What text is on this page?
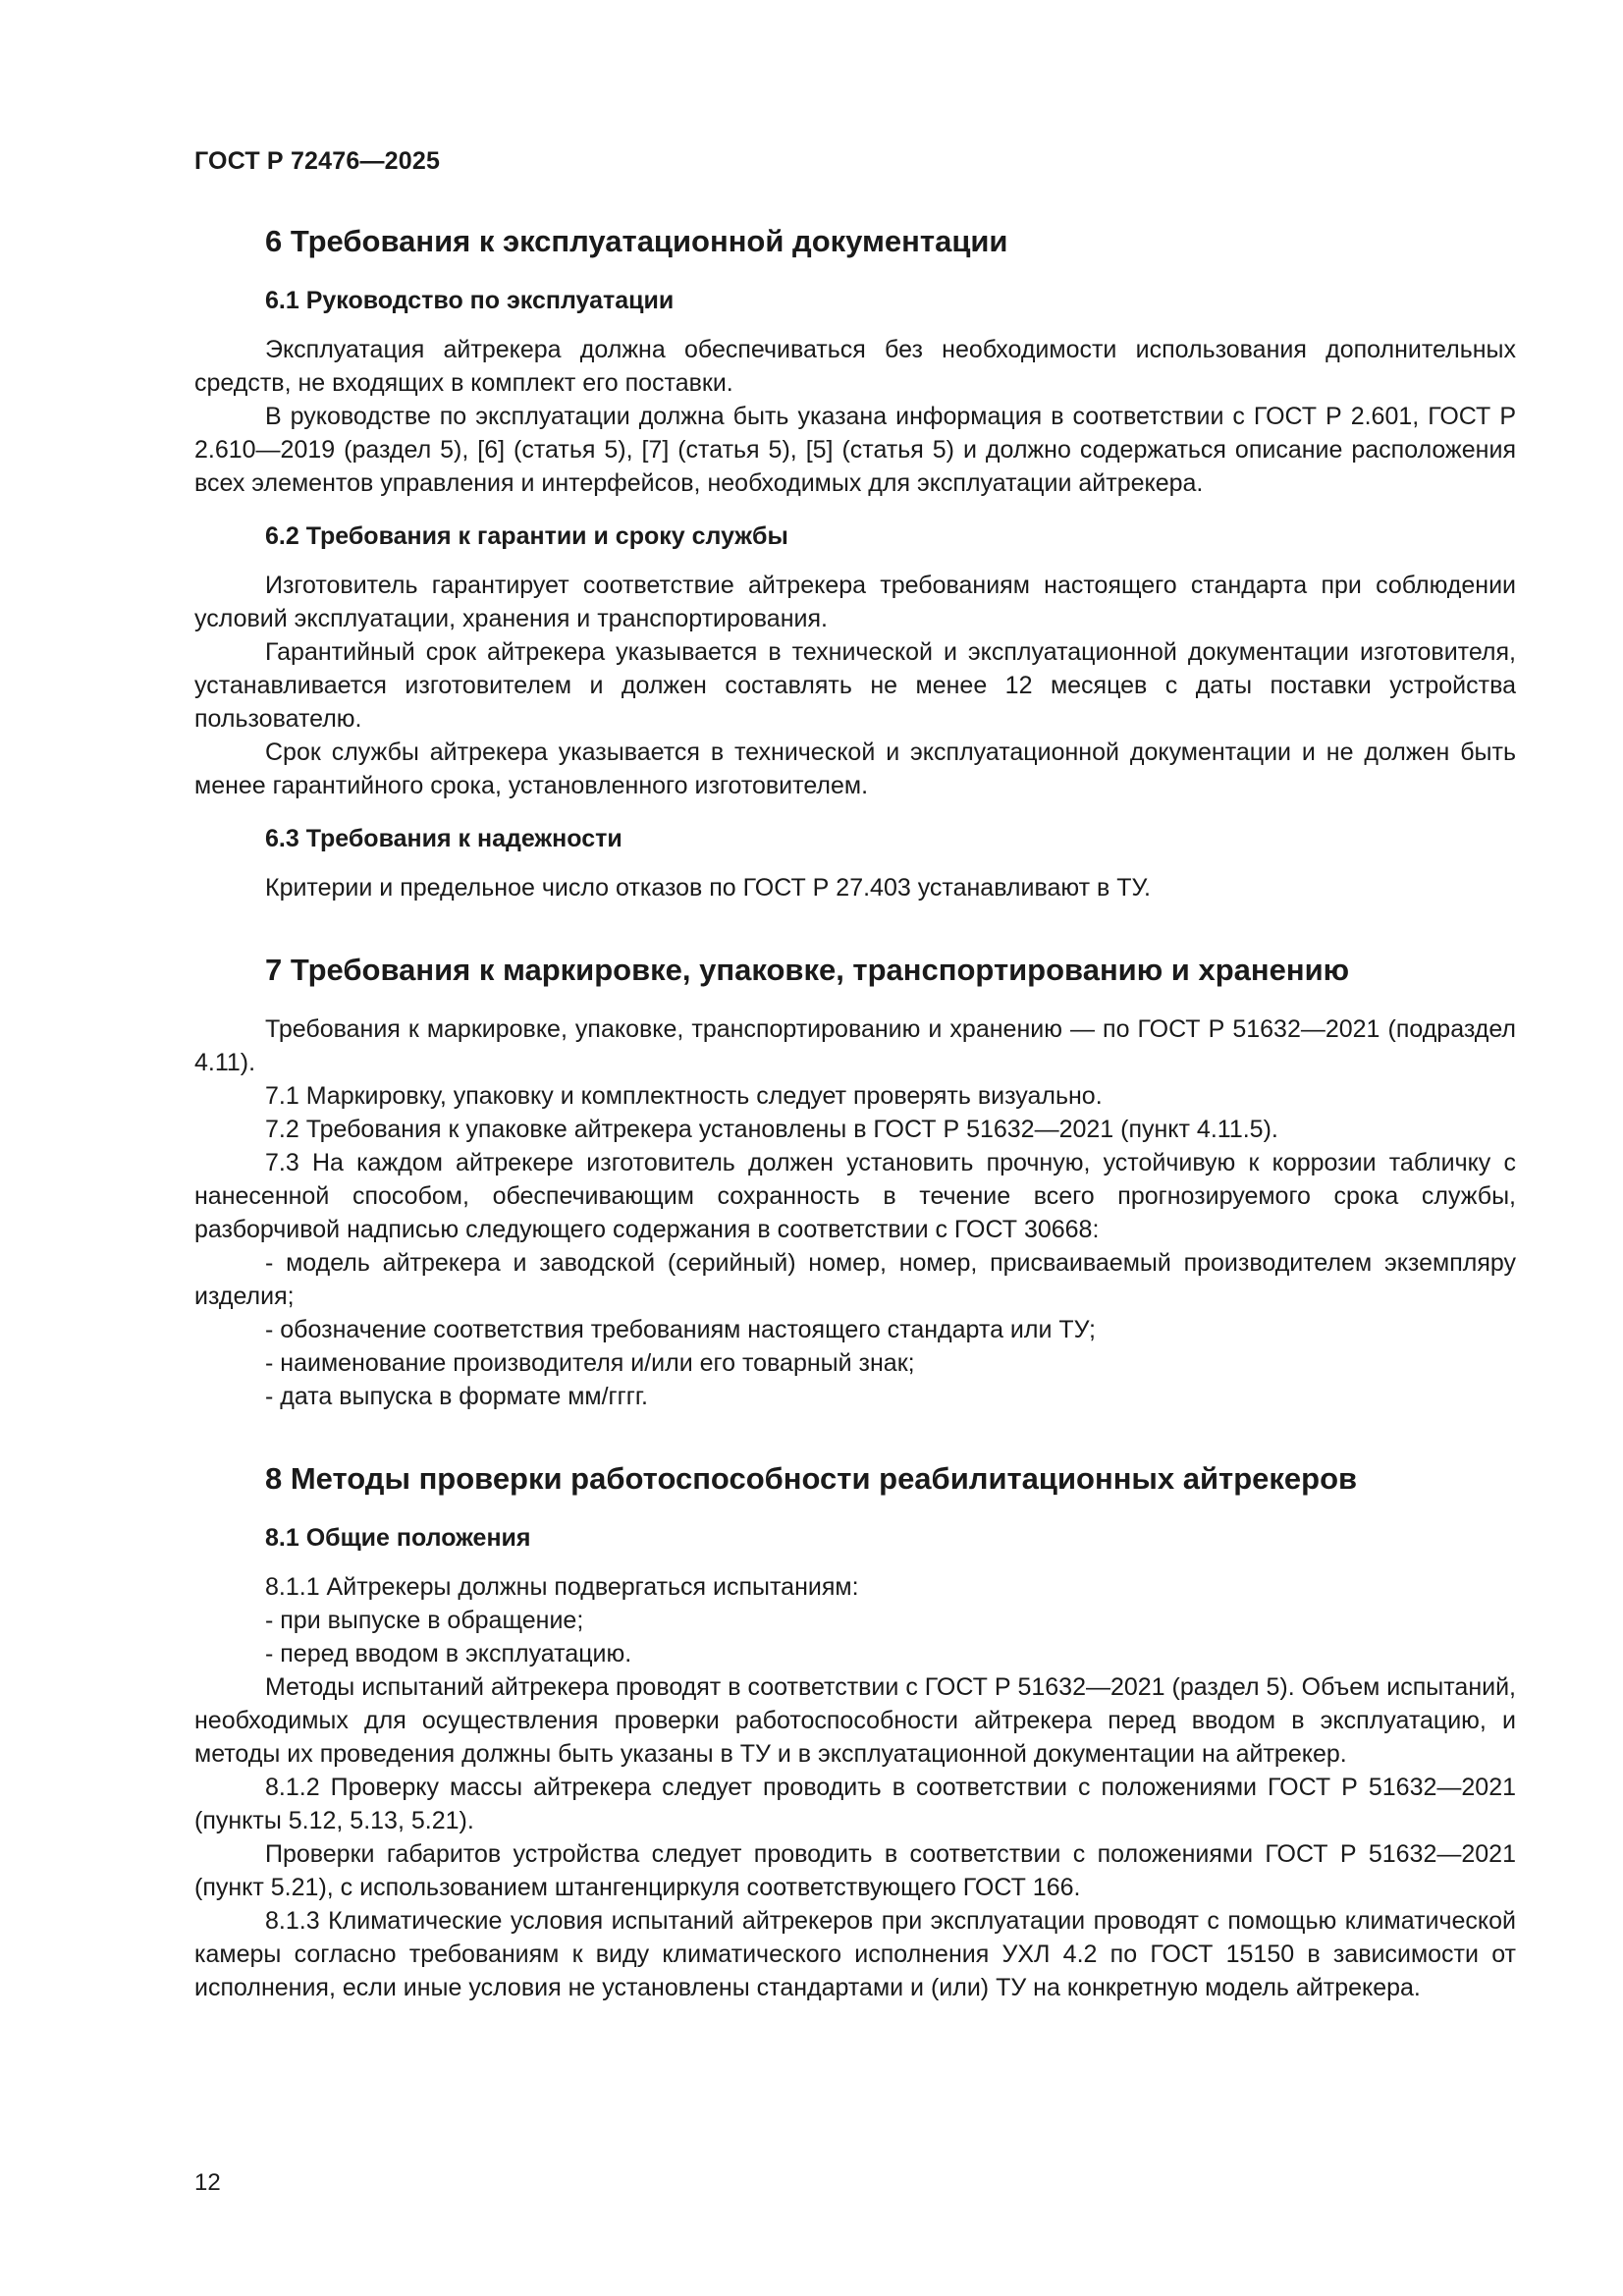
ГОСТ Р 72476—2025
6 Требования к эксплуатационной документации
6.1 Руководство по эксплуатации

Эксплуатация айтрекера должна обеспечиваться без необходимости использования дополнительных средств, не входящих в комплект его поставки.

В руководстве по эксплуатации должна быть указана информация в соответствии с ГОСТ Р 2.601, ГОСТ Р 2.610—2019 (раздел 5), [6] (статья 5), [7] (статья 5), [5] (статья 5) и должно содержаться описание расположения всех элементов управления и интерфейсов, необходимых для эксплуатации айтрекера.

6.2 Требования к гарантии и сроку службы

Изготовитель гарантирует соответствие айтрекера требованиям настоящего стандарта при соблюдении условий эксплуатации, хранения и транспортирования.

Гарантийный срок айтрекера указывается в технической и эксплуатационной документации изготовителя, устанавливается изготовителем и должен составлять не менее 12 месяцев с даты поставки устройства пользователю.

Срок службы айтрекера указывается в технической и эксплуатационной документации и не должен быть менее гарантийного срока, установленного изготовителем.

6.3 Требования к надежности

Критерии и предельное число отказов по ГОСТ Р 27.403 устанавливают в ТУ.

7 Требования к маркировке, упаковке, транспортированию и хранению

Требования к маркировке, упаковке, транспортированию и хранению — по ГОСТ Р 51632—2021 (подраздел 4.11).

7.1 Маркировку, упаковку и комплектность следует проверять визуально.

7.2 Требования к упаковке айтрекера установлены в ГОСТ Р 51632—2021 (пункт 4.11.5).

7.3 На каждом айтрекере изготовитель должен установить прочную, устойчивую к коррозии табличку с нанесенной способом, обеспечивающим сохранность в течение всего прогнозируемого срока службы, разборчивой надписью следующего содержания в соответствии с ГОСТ 30668:

- модель айтрекера и заводской (серийный) номер, номер, присваиваемый производителем экземпляру изделия;

- обозначение соответствия требованиям настоящего стандарта или ТУ;

- наименование производителя и/или его товарный знак;

- дата выпуска в формате мм/гггг.

8 Методы проверки работоспособности реабилитационных айтрекеров
8.1 Общие положения

8.1.1 Айтрекеры должны подвергаться испытаниям:

- при выпуске в обращение;

- перед вводом в эксплуатацию.

Методы испытаний айтрекера проводят в соответствии с ГОСТ Р 51632—2021 (раздел 5). Объем испытаний, необходимых для осуществления проверки работоспособности айтрекера перед вводом в эксплуатацию, и методы их проведения должны быть указаны в ТУ и в эксплуатационной документации на айтрекер.

8.1.2 Проверку массы айтрекера следует проводить в соответствии с положениями ГОСТ Р 51632—2021 (пункты 5.12, 5.13, 5.21).

Проверки габаритов устройства следует проводить в соответствии с положениями ГОСТ Р 51632—2021 (пункт 5.21), с использованием штангенциркуля соответствующего ГОСТ 166.

8.1.3 Климатические условия испытаний айтрекеров при эксплуатации проводят с помощью климатической камеры согласно требованиям к виду климатического исполнения УХЛ 4.2 по ГОСТ 15150 в зависимости от исполнения, если иные условия не установлены стандартами и (или) ТУ на конкретную модель айтрекера.

12
